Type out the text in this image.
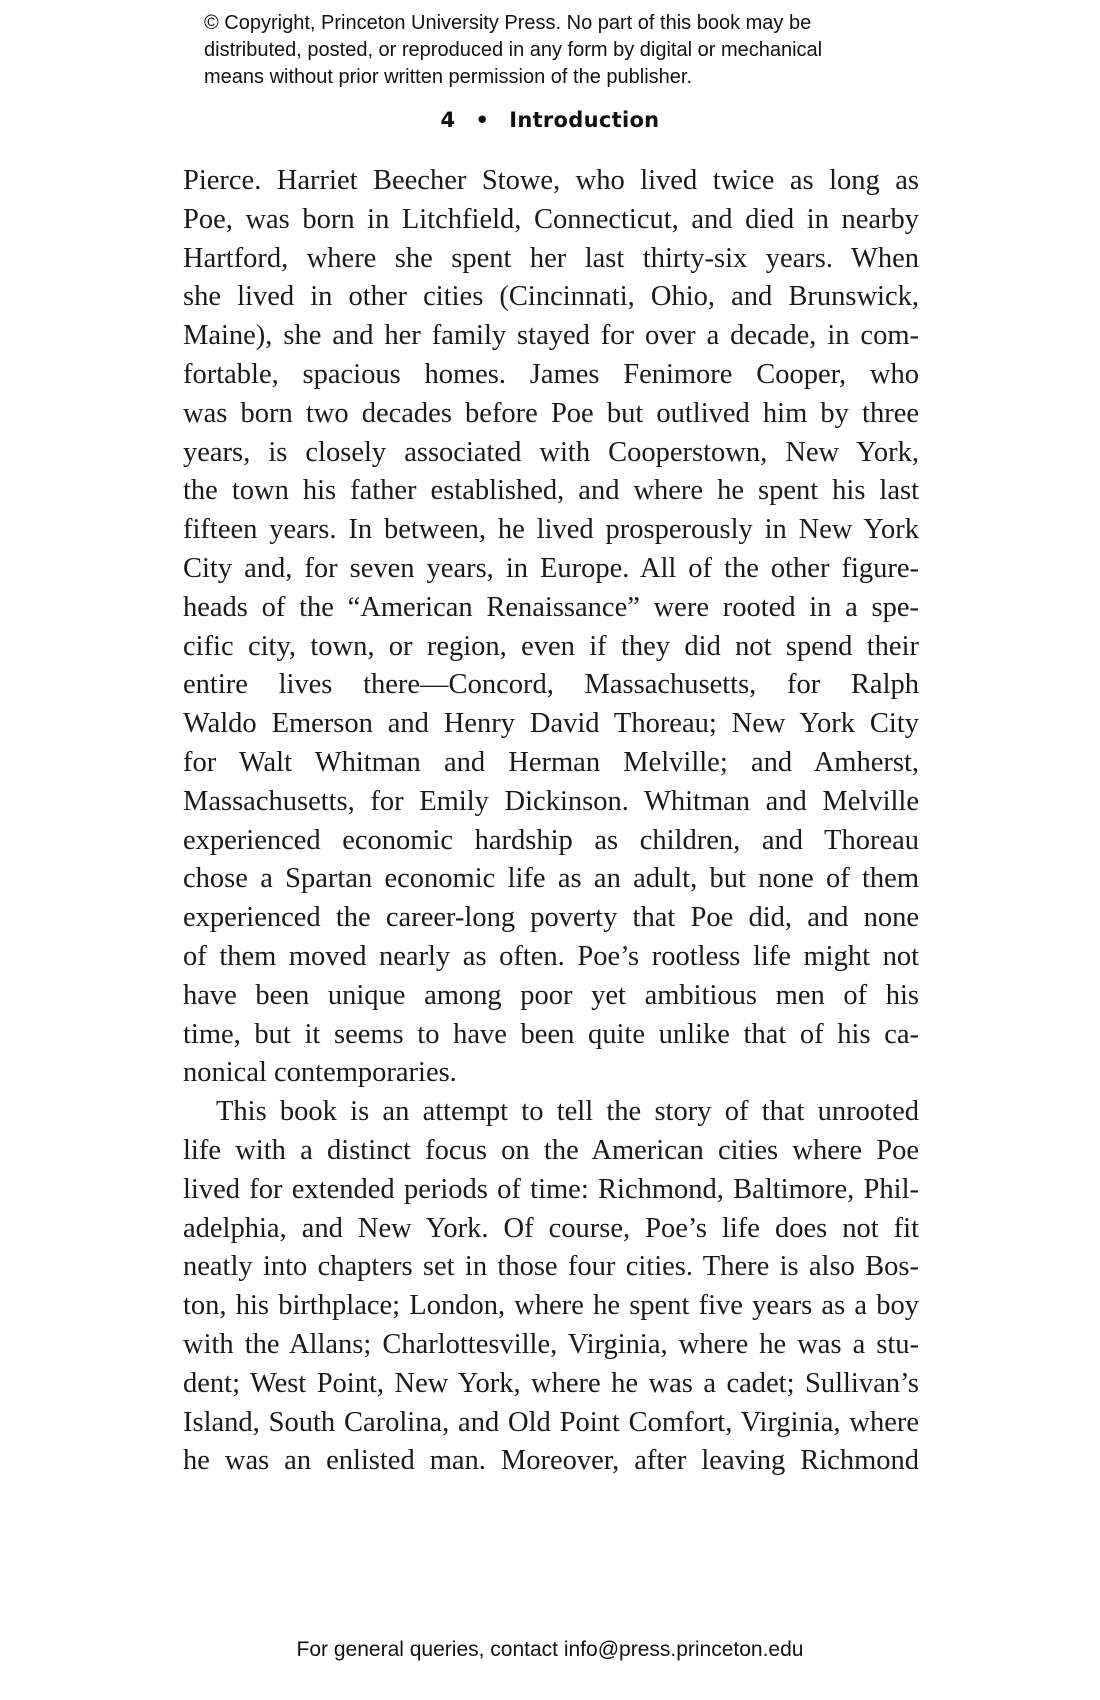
© Copyright, Princeton University Press. No part of this book may be
distributed, posted, or reproduced in any form by digital or mechanical
means without prior written permission of the publisher.
4 • Introduction
Pierce. Harriet Beecher Stowe, who lived twice as long as
Poe, was born in Litchfield, Connecticut, and died in nearby
Hartford, where she spent her last thirty-six years. When
she lived in other cities (Cincinnati, Ohio, and Brunswick,
Maine), she and her family stayed for over a decade, in com-
fortable, spacious homes. James Fenimore Cooper, who
was born two decades before Poe but outlived him by three
years, is closely associated with Cooperstown, New York,
the town his father established, and where he spent his last
fifteen years. In between, he lived prosperously in New York
City and, for seven years, in Europe. All of the other figure-
heads of the “American Renaissance” were rooted in a spe-
cific city, town, or region, even if they did not spend their
entire lives there—Concord, Massachusetts, for Ralph
Waldo Emerson and Henry David Thoreau; New York City
for Walt Whitman and Herman Melville; and Amherst,
Massachusetts, for Emily Dickinson. Whitman and Melville
experienced economic hardship as children, and Thoreau
chose a Spartan economic life as an adult, but none of them
experienced the career-long poverty that Poe did, and none
of them moved nearly as often. Poe’s rootless life might not
have been unique among poor yet ambitious men of his
time, but it seems to have been quite unlike that of his ca-
nonical contemporaries.
This book is an attempt to tell the story of that unrooted
life with a distinct focus on the American cities where Poe
lived for extended periods of time: Richmond, Baltimore, Phil-
adelphia, and New York. Of course, Poe’s life does not fit
neatly into chapters set in those four cities. There is also Bos-
ton, his birthplace; London, where he spent five years as a boy
with the Allans; Charlottesville, Virginia, where he was a stu-
dent; West Point, New York, where he was a cadet; Sullivan’s
Island, South Carolina, and Old Point Comfort, Virginia, where
he was an enlisted man. Moreover, after leaving Richmond
For general queries, contact info@press.princeton.edu
